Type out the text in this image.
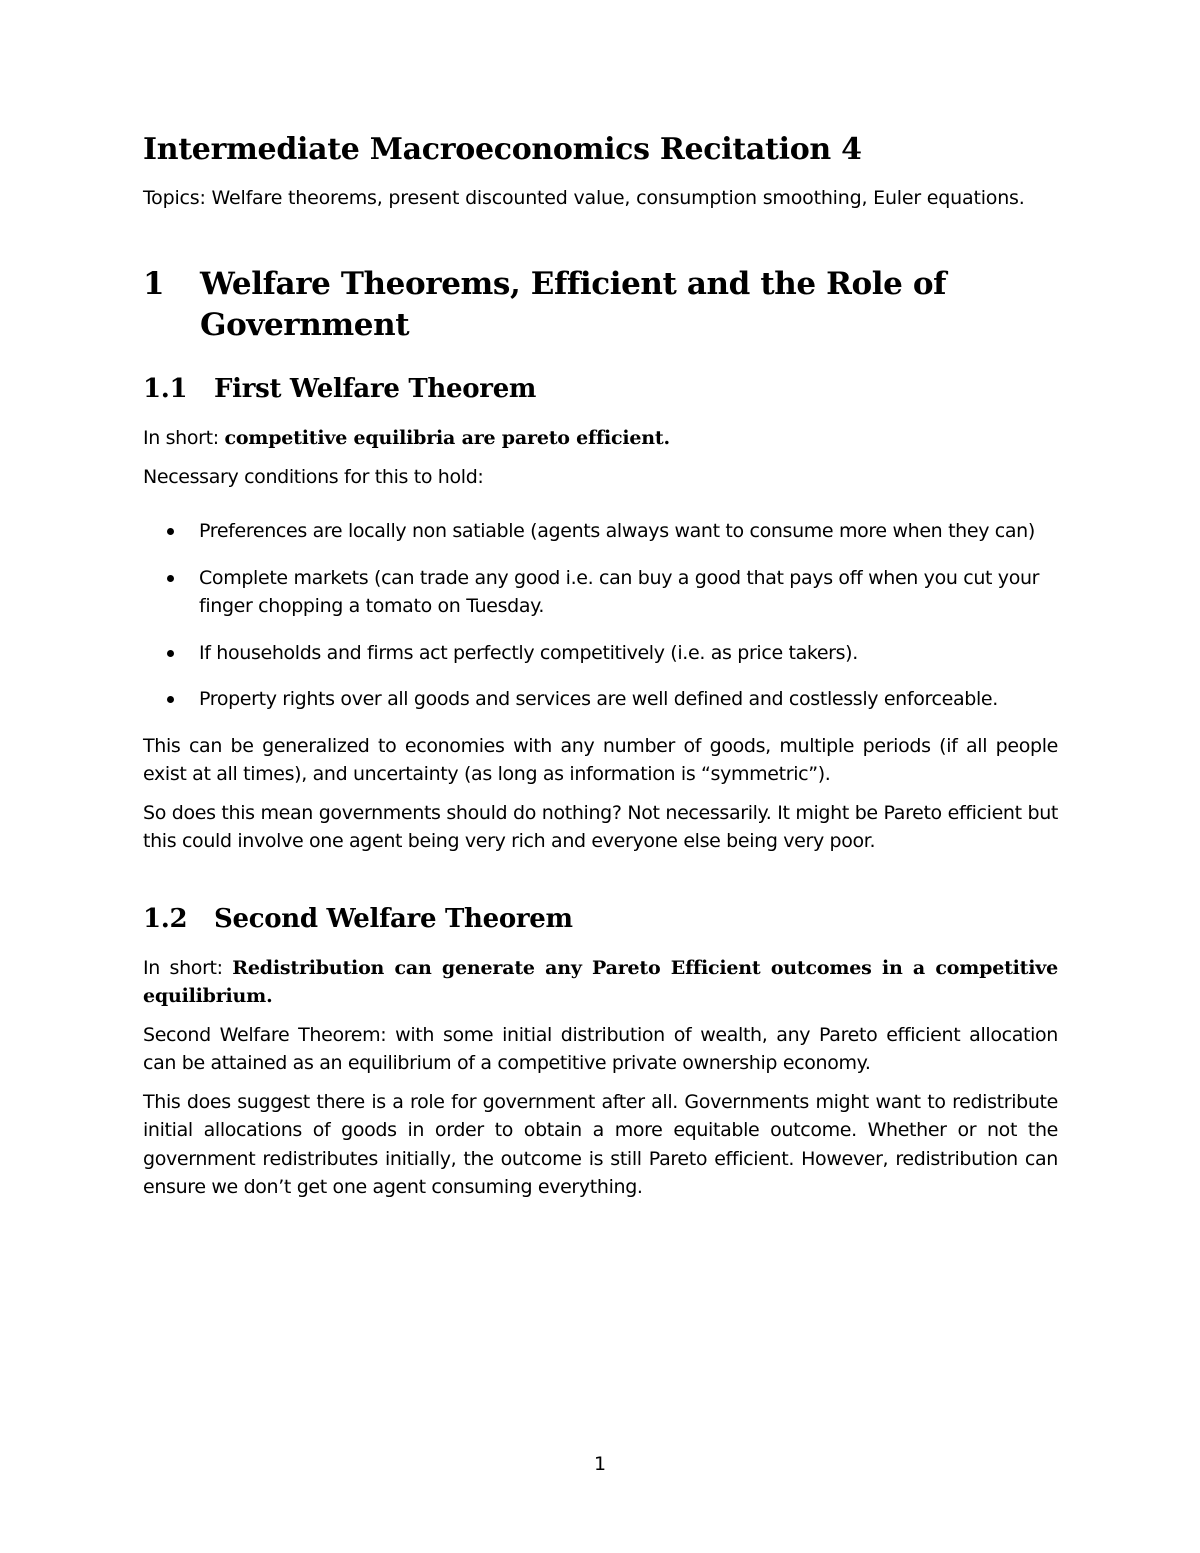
Intermediate Macroeconomics Recitation 4

Topics: Welfare theorems, present discounted value, consumption smoothing, Euler equations.

1	Welfare Theorems, Efficient and the Role of Government
1.1	First Welfare Theorem

In short: competitive equilibria are pareto efficient.

Necessary conditions for this to hold:

Preferences are locally non satiable (agents always want to consume more when they can)
Complete markets (can trade any good i.e. can buy a good that pays off when you cut your finger chopping a tomato on Tuesday.
If households and firms act perfectly competitively (i.e. as price takers).
Property rights over all goods and services are well defined and costlessly enforceable.

This can be generalized to economies with any number of goods, multiple periods (if all people exist at all times), and uncertainty (as long as information is “symmetric”).

So does this mean governments should do nothing? Not necessarily. It might be Pareto efficient but this could involve one agent being very rich and everyone else being very poor.

1.2	Second Welfare Theorem

In short: Redistribution can generate any Pareto Efficient outcomes in a competitive equilibrium.

Second Welfare Theorem: with some initial distribution of wealth, any Pareto efficient allocation can be attained as an equilibrium of a competitive private ownership economy.

This does suggest there is a role for government after all. Governments might want to redistribute initial allocations of goods in order to obtain a more equitable outcome. Whether or not the government redistributes initially, the outcome is still Pareto efficient. However, redistribution can ensure we don’t get one agent consuming everything.

1
